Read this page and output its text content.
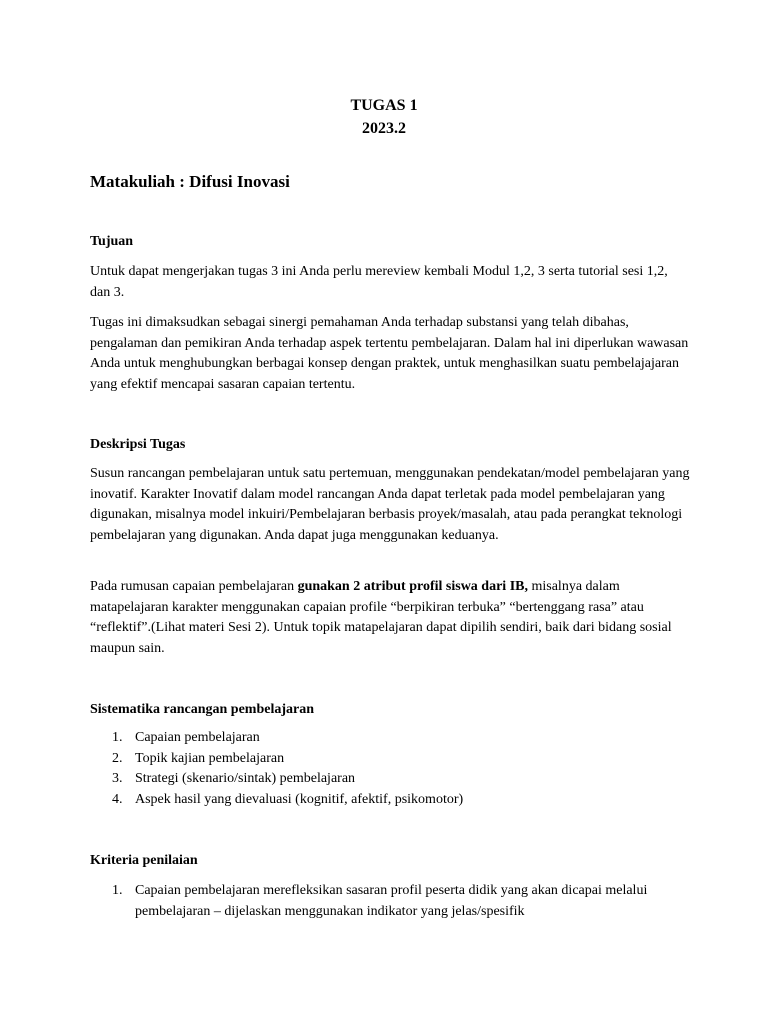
TUGAS 1
2023.2
Matakuliah : Difusi Inovasi
Tujuan

Untuk dapat mengerjakan tugas 3 ini Anda perlu mereview kembali Modul 1,2, 3 serta tutorial sesi 1,2, dan 3.

Tugas ini dimaksudkan sebagai sinergi pemahaman Anda terhadap substansi yang telah dibahas, pengalaman dan pemikiran Anda terhadap aspek tertentu pembelajaran. Dalam hal ini diperlukan wawasan Anda untuk menghubungkan berbagai konsep dengan praktek, untuk menghasilkan suatu pembelajajaran yang efektif mencapai sasaran capaian tertentu.

Deskripsi Tugas

Susun rancangan pembelajaran untuk satu pertemuan, menggunakan pendekatan/model pembelajaran yang inovatif. Karakter Inovatif dalam model rancangan Anda dapat terletak pada model pembelajaran yang digunakan, misalnya model inkuiri/Pembelajaran berbasis proyek/masalah, atau pada perangkat teknologi pembelajaran yang digunakan. Anda dapat juga menggunakan keduanya.

Pada rumusan capaian pembelajaran gunakan 2 atribut profil siswa dari IB, misalnya dalam matapelajaran karakter menggunakan capaian profile “berpikiran terbuka” “bertenggang rasa” atau “reflektif”.(Lihat materi Sesi 2). Untuk topik matapelajaran dapat dipilih sendiri, baik dari bidang sosial maupun sain.

Sistematika rancangan pembelajaran
1. Capaian pembelajaran
2. Topik kajian pembelajaran
3. Strategi (skenario/sintak) pembelajaran
4. Aspek hasil yang dievaluasi (kognitif, afektif, psikomotor)
Kriteria penilaian
1. Capaian pembelajaran merefleksikan sasaran profil peserta didik yang akan dicapai melalui pembelajaran – dijelaskan menggunakan indikator yang jelas/spesifik
